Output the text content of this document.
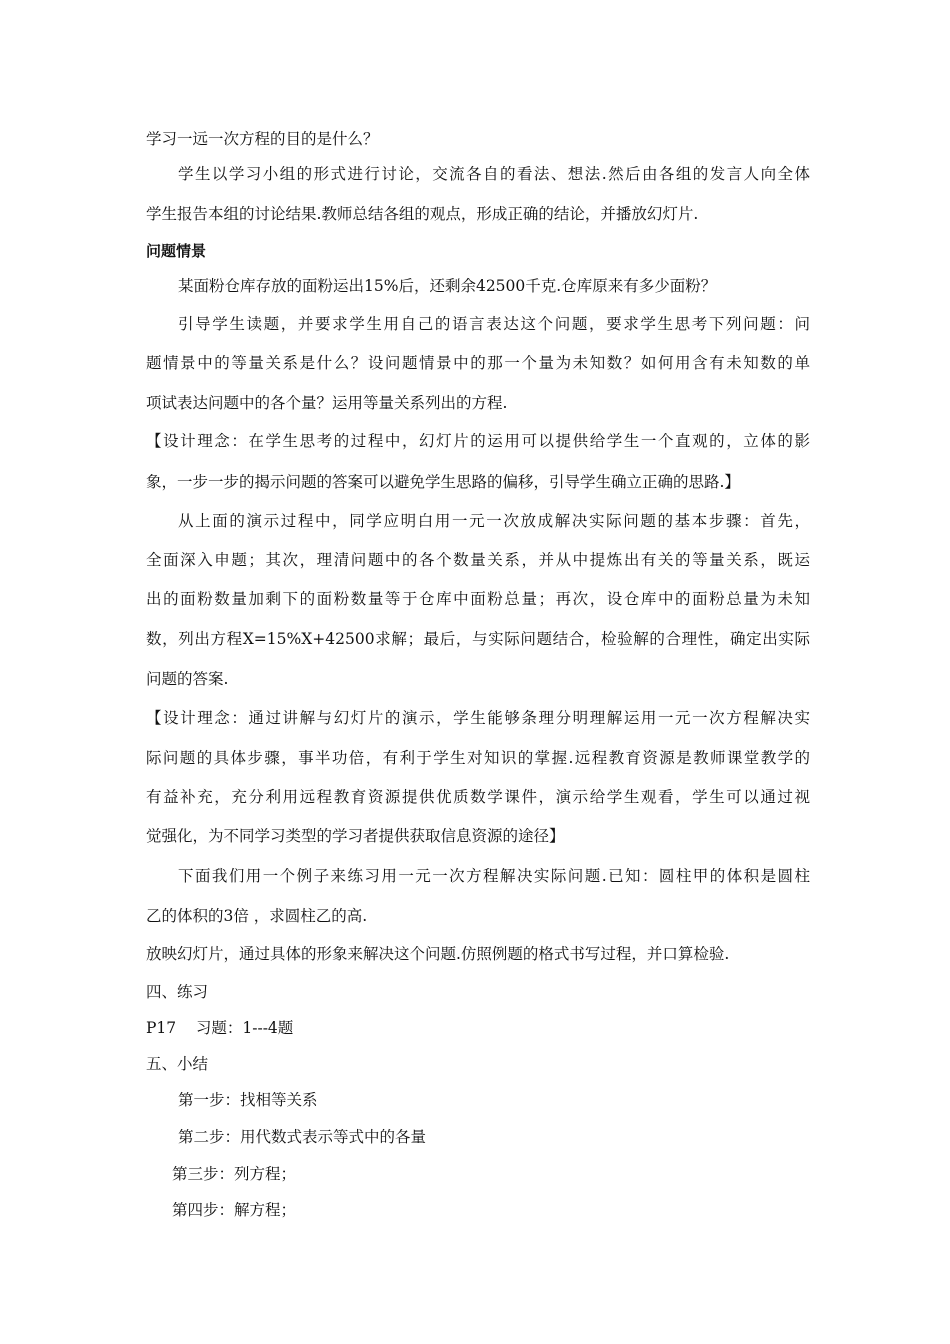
学习一远一次方程的目的是什么？
学生以学习小组的形式进行讨论，交流各自的看法、想法.然后由各组的发言人向全体
学生报告本组的讨论结果.教师总结各组的观点，形成正确的结论，并播放幻灯片.
问题情景
某面粉仓库存放的面粉运出15%后，还剩余42500千克.仓库原来有多少面粉？
引导学生读题，并要求学生用自己的语言表达这个问题，要求学生思考下列问题：问
题情景中的等量关系是什么？设问题情景中的那一个量为未知数？如何用含有未知数的单
项试表达问题中的各个量？运用等量关系列出的方程.
【设计理念：在学生思考的过程中，幻灯片的运用可以提供给学生一个直观的，立体的影
象，一步一步的揭示问题的答案可以避免学生思路的偏移，引导学生确立正确的思路.】
从上面的演示过程中，同学应明白用一元一次放成解决实际问题的基本步骤：首先，
全面深入申题；其次，理清问题中的各个数量关系，并从中提炼出有关的等量关系，既运
出的面粉数量加剩下的面粉数量等于仓库中面粉总量；再次，设仓库中的面粉总量为未知
数，列出方程X=15%X+42500求解；最后，与实际问题结合，检验解的合理性，确定出实际
问题的答案.
【设计理念：通过讲解与幻灯片的演示，学生能够条理分明理解运用一元一次方程解决实
际问题的具体步骤，事半功倍，有利于学生对知识的掌握.远程教育资源是教师课堂教学的
有益补充，充分利用远程教育资源提供优质数学课件，演示给学生观看，学生可以通过视
觉强化，为不同学习类型的学习者提供获取信息资源的途径】
下面我们用一个例子来练习用一元一次方程解决实际问题.已知：圆柱甲的体积是圆柱
乙的体积的3倍 ，求圆柱乙的高.
放映幻灯片，通过具体的形象来解决这个问题.仿照例题的格式书写过程，并口算检验.
四、练习
P17    习题：1---4题
五、小结
第一步：找相等关系
第二步：用代数式表示等式中的各量
第三步：列方程；
第四步：解方程；
